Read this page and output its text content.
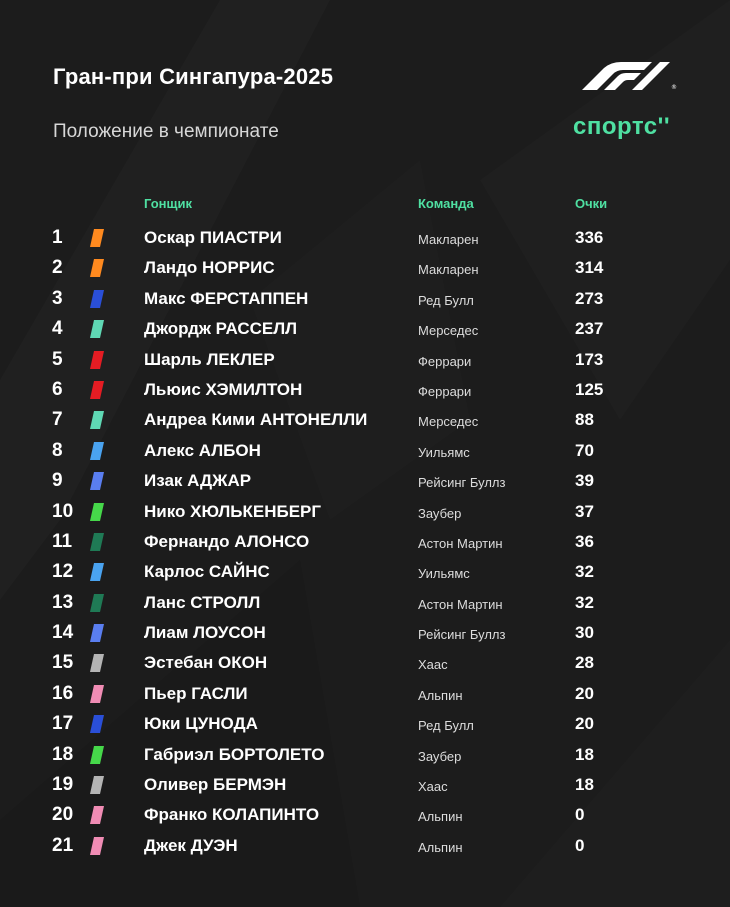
Гран-при Сингапура-2025
Положение в чемпионате
®
спортс''
Гонщик	Команда	Очки
1	Оскар ПИАСТРИ	Макларен	336
2	Ландо НОРРИС	Макларен	314
3	Макс ФЕРСТАППЕН	Ред Булл	273
4	Джордж РАССЕЛЛ	Мерседес	237
5	Шарль ЛЕКЛЕР	Феррари	173
6	Льюис ХЭМИЛТОН	Феррари	125
7	Андреа Кими АНТОНЕЛЛИ	Мерседес	88
8	Алекс АЛБОН	Уильямс	70
9	Изак АДЖАР	Рейсинг Буллз	39
10	Нико ХЮЛЬКЕНБЕРГ	Заубер	37
11	Фернандо АЛОНСО	Астон Мартин	36
12	Карлос САЙНС	Уильямс	32
13	Ланс СТРОЛЛ	Астон Мартин	32
14	Лиам ЛОУСОН	Рейсинг Буллз	30
15	Эстебан ОКОН	Хаас	28
16	Пьер ГАСЛИ	Альпин	20
17	Юки ЦУНОДА	Ред Булл	20
18	Габриэл БОРТОЛЕТО	Заубер	18
19	Оливер БЕРМЭН	Хаас	18
20	Франко КОЛАПИНТО	Альпин	0
21	Джек ДУЭН	Альпин	0
